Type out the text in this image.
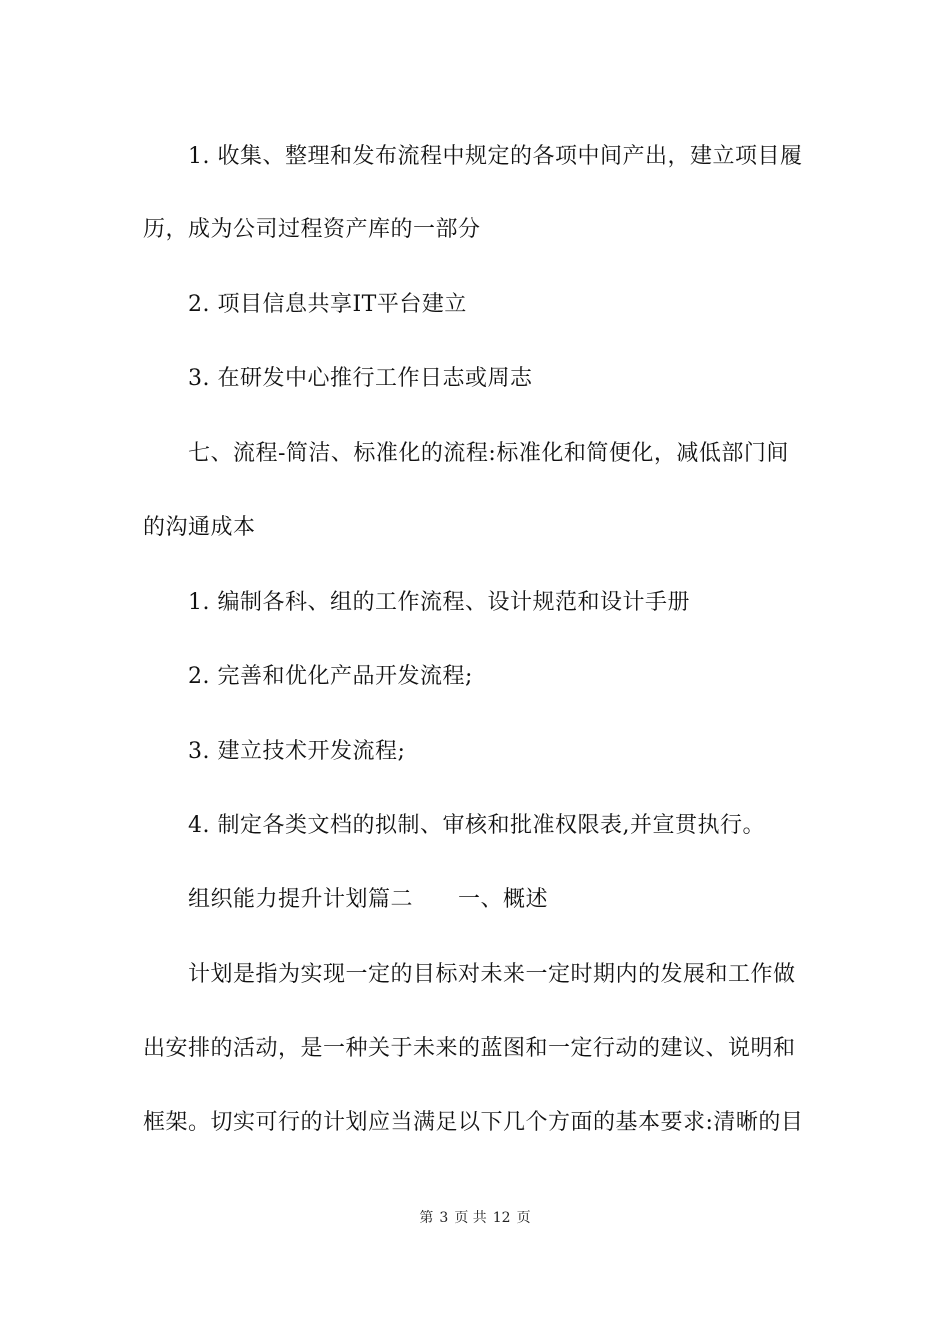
1. 收集、整理和发布流程中规定的各项中间产出，建立项目履
历，成为公司过程资产库的一部分
2. 项目信息共享IT平台建立
3. 在研发中心推行工作日志或周志
七、流程-简洁、标准化的流程:标准化和简便化，减低部门间
的沟通成本
1. 编制各科、组的工作流程、设计规范和设计手册
2. 完善和优化产品开发流程;
3. 建立技术开发流程;
4. 制定各类文档的拟制、审核和批准权限表,并宣贯执行。
组织能力提升计划篇二　　一、概述
计划是指为实现一定的目标对未来一定时期内的发展和工作做
出安排的活动，是一种关于未来的蓝图和一定行动的建议、说明和
框架。切实可行的计划应当满足以下几个方面的基本要求:清晰的目
第 3 页 共 12 页
